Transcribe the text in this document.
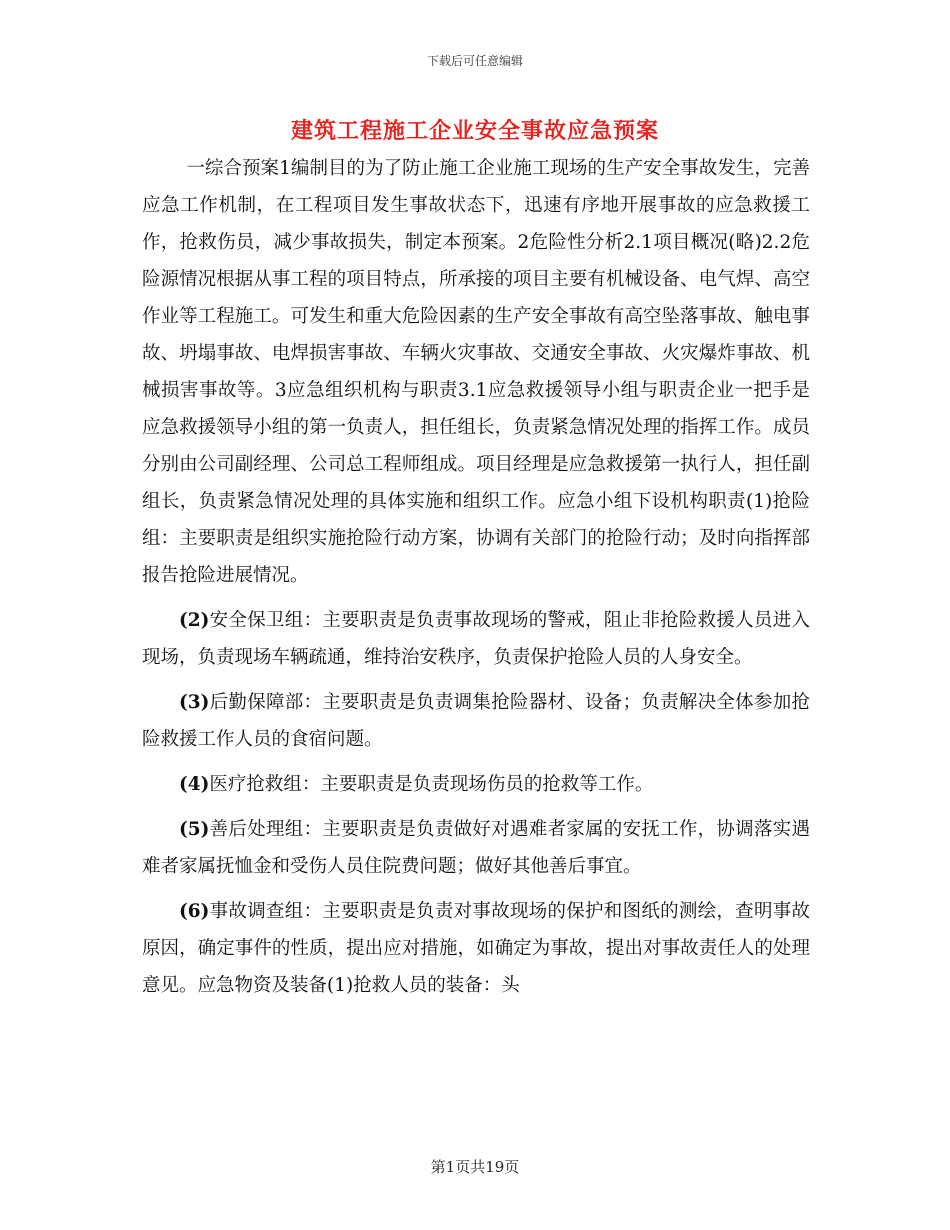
下载后可任意编辑
建筑工程施工企业安全事故应急预案

一综合预案1编制目的为了防止施工企业施工现场的生产安全事故发生，完善应急工作机制，在工程项目发生事故状态下，迅速有序地开展事故的应急救援工作，抢救伤员，减少事故损失，制定本预案。2危险性分析2.1项目概况(略)2.2危险源情况根据从事工程的项目特点，所承接的项目主要有机械设备、电气焊、高空作业等工程施工。可发生和重大危险因素的生产安全事故有高空坠落事故、触电事故、坍塌事故、电焊损害事故、车辆火灾事故、交通安全事故、火灾爆炸事故、机械损害事故等。3应急组织机构与职责3.1应急救援领导小组与职责企业一把手是应急救援领导小组的第一负责人，担任组长，负责紧急情况处理的指挥工作。成员分别由公司副经理、公司总工程师组成。项目经理是应急救援第一执行人，担任副组长，负责紧急情况处理的具体实施和组织工作。应急小组下设机构职责(1)抢险组：主要职责是组织实施抢险行动方案，协调有关部门的抢险行动；及时向指挥部报告抢险进展情况。

(2)安全保卫组：主要职责是负责事故现场的警戒，阻止非抢险救援人员进入现场，负责现场车辆疏通，维持治安秩序，负责保护抢险人员的人身安全。

(3)后勤保障部：主要职责是负责调集抢险器材、设备；负责解决全体参加抢险救援工作人员的食宿问题。

(4)医疗抢救组：主要职责是负责现场伤员的抢救等工作。

(5)善后处理组：主要职责是负责做好对遇难者家属的安抚工作，协调落实遇难者家属抚恤金和受伤人员住院费问题；做好其他善后事宜。

(6)事故调查组：主要职责是负责对事故现场的保护和图纸的测绘，查明事故原因，确定事件的性质，提出应对措施，如确定为事故，提出对事故责任人的处理意见。应急物资及装备(1)抢救人员的装备：头

第1页共19页
